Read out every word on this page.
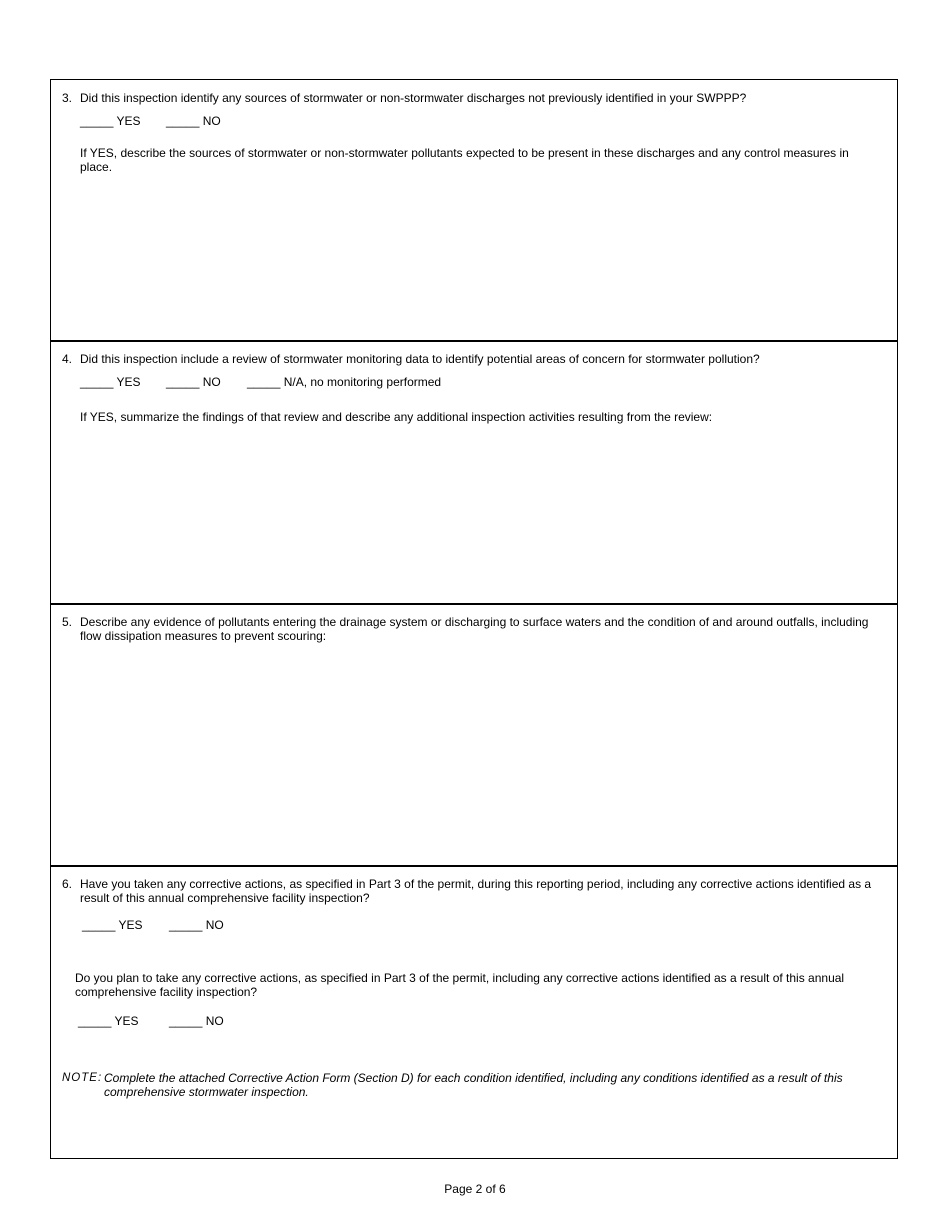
3. Did this inspection identify any sources of stormwater or non-stormwater discharges not previously identified in your SWPPP?
_____ YES _____ NO
If YES, describe the sources of stormwater or non-stormwater pollutants expected to be present in these discharges and any control measures in place.
4. Did this inspection include a review of stormwater monitoring data to identify potential areas of concern for stormwater pollution?
_____ YES _____ NO _____ N/A, no monitoring performed
If YES, summarize the findings of that review and describe any additional inspection activities resulting from the review:
5. Describe any evidence of pollutants entering the drainage system or discharging to surface waters and the condition of and around outfalls, including flow dissipation measures to prevent scouring:
6. Have you taken any corrective actions, as specified in Part 3 of the permit, during this reporting period, including any corrective actions identified as a result of this annual comprehensive facility inspection?
_____ YES _____ NO
Do you plan to take any corrective actions, as specified in Part 3 of the permit, including any corrective actions identified as a result of this annual comprehensive facility inspection?
_____ YES	_____ NO
NOTE: Complete the attached Corrective Action Form (Section D) for each condition identified, including any conditions identified as a result of this
comprehensive stormwater inspection.
Page 2 of 6
